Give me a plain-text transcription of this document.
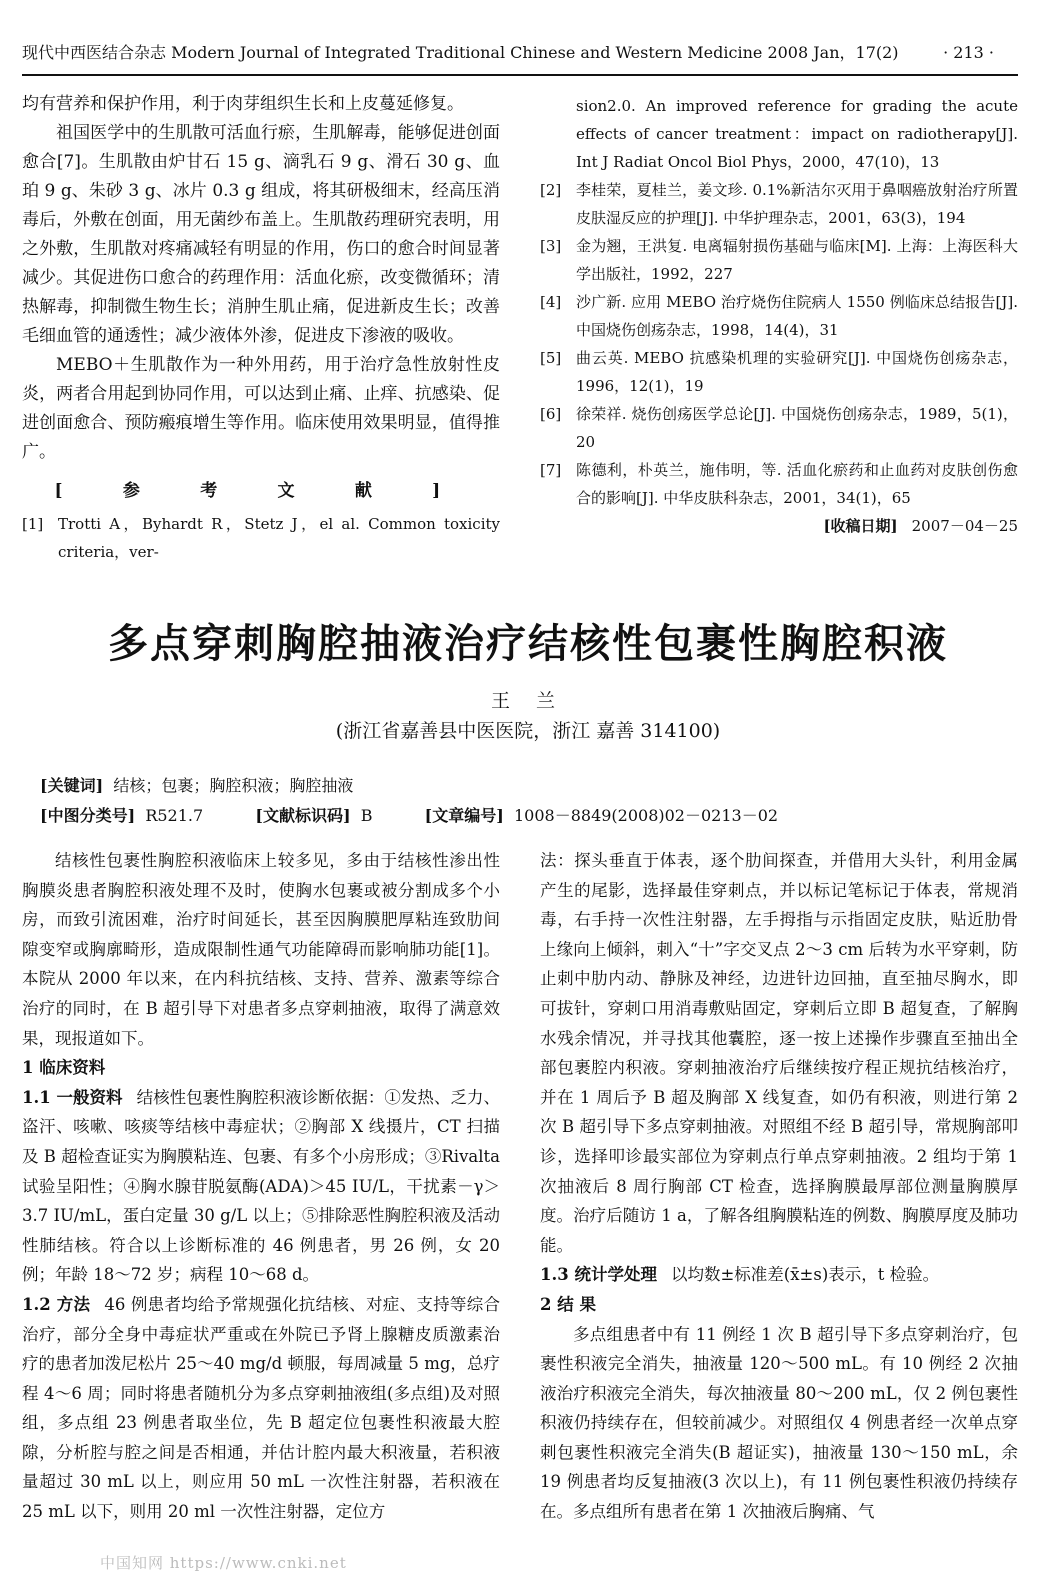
现代中西医结合杂志 Modern Journal of Integrated Traditional Chinese and Western Medicine 2008 Jan，17(2)	· 213 ·

均有营养和保护作用，利于肉芽组织生长和上皮蔓延修复。

祖国医学中的生肌散可活血行瘀，生肌解毒，能够促进创面愈合[7]。生肌散由炉甘石 15 g、滴乳石 9 g、滑石 30 g、血珀 9 g、朱砂 3 g、冰片 0.3 g 组成，将其研极细末，经高压消毒后，外敷在创面，用无菌纱布盖上。生肌散药理研究表明，用之外敷，生肌散对疼痛减轻有明显的作用，伤口的愈合时间显著减少。其促进伤口愈合的药理作用：活血化瘀，改变微循环；清热解毒，抑制微生物生长；消肿生肌止痛，促进新皮生长；改善毛细血管的通透性；减少液体外渗，促进皮下渗液的吸收。

MEBO＋生肌散作为一种外用药，用于治疗急性放射性皮炎，两者合用起到协同作用，可以达到止痛、止痒、抗感染、促进创面愈合、预防瘢痕增生等作用。临床使用效果明显，值得推广。

[ 参 考 文 献 ]
[1] Trotti A，Byhardt R，Stetz J，el al. Common toxicity criteria，ver-
sion2.0. An improved reference for grading the acute effects of cancer treatment：impact on radiotherapy[J]. Int J Radiat Oncol Biol Phys，2000，47(10)，13
[2] 李桂荣，夏桂兰，姜文珍. 0.1%新洁尔灭用于鼻咽癌放射治疗所置皮肤湿反应的护理[J]. 中华护理杂志，2001，63(3)，194
[3] 金为翘，王洪复. 电离辐射损伤基础与临床[M]. 上海：上海医科大学出版社，1992，227
[4] 沙广新. 应用 MEBO 治疗烧伤住院病人 1550 例临床总结报告[J]. 中国烧伤创疡杂志，1998，14(4)，31
[5] 曲云英. MEBO 抗感染机理的实验研究[J]. 中国烧伤创疡杂志，1996，12(1)，19
[6] 徐荣祥. 烧伤创疡医学总论[J]. 中国烧伤创疡杂志，1989，5(1)，20
[7] 陈德利，朴英兰，施伟明，等. 活血化瘀药和止血药对皮肤创伤愈合的影响[J]. 中华皮肤科杂志，2001，34(1)，65
[收稿日期] 2007－04－25
多点穿刺胸腔抽液治疗结核性包裹性胸腔积液
王 兰
(浙江省嘉善县中医医院，浙江 嘉善 314100)
[关键词] 结核；包裹；胸腔积液；胸腔抽液
[中图分类号] R521.7	[文献标识码] B	[文章编号] 1008－8849(2008)02－0213－02

结核性包裹性胸腔积液临床上较多见，多由于结核性渗出性胸膜炎患者胸腔积液处理不及时，使胸水包裹或被分割成多个小房，而致引流困难，治疗时间延长，甚至因胸膜肥厚粘连致肋间隙变窄或胸廓畸形，造成限制性通气功能障碍而影响肺功能[1]。本院从 2000 年以来，在内科抗结核、支持、营养、激素等综合治疗的同时，在 B 超引导下对患者多点穿刺抽液，取得了满意效果，现报道如下。

1 临床资料

1.1 一般资料 结核性包裹性胸腔积液诊断依据：①发热、乏力、盗汗、咳嗽、咳痰等结核中毒症状；②胸部 X 线摄片，CT 扫描及 B 超检查证实为胸膜粘连、包裹、有多个小房形成；③Rivalta 试验呈阳性；④胸水腺苷脱氨酶(ADA)＞45 IU/L，干扰素－γ＞3.7 IU/mL，蛋白定量 30 g/L 以上；⑤排除恶性胸腔积液及活动性肺结核。符合以上诊断标准的 46 例患者，男 26 例，女 20 例；年龄 18～72 岁；病程 10～68 d。

1.2 方法 46 例患者均给予常规强化抗结核、对症、支持等综合治疗，部分全身中毒症状严重或在外院已予肾上腺糖皮质激素治疗的患者加泼尼松片 25～40 mg/d 顿服，每周减量 5 mg，总疗程 4～6 周；同时将患者随机分为多点穿刺抽液组(多点组)及对照组，多点组 23 例患者取坐位，先 B 超定位包裹性积液最大腔隙，分析腔与腔之间是否相通，并估计腔内最大积液量，若积液量超过 30 mL 以上，则应用 50 mL 一次性注射器，若积液在 25 mL 以下，则用 20 ml 一次性注射器，定位方

法：探头垂直于体表，逐个肋间探查，并借用大头针，利用金属产生的尾影，选择最佳穿刺点，并以标记笔标记于体表，常规消毒，右手持一次性注射器，左手拇指与示指固定皮肤，贴近肋骨上缘向上倾斜，刺入“十”字交叉点 2～3 cm 后转为水平穿刺，防止刺中肋内动、静脉及神经，边进针边回抽，直至抽尽胸水，即可拔针，穿刺口用消毒敷贴固定，穿刺后立即 B 超复查，了解胸水残余情况，并寻找其他囊腔，逐一按上述操作步骤直至抽出全部包裹腔内积液。穿刺抽液治疗后继续按疗程正规抗结核治疗，并在 1 周后予 B 超及胸部 X 线复查，如仍有积液，则进行第 2 次 B 超引导下多点穿刺抽液。对照组不经 B 超引导，常规胸部叩诊，选择叩诊最实部位为穿刺点行单点穿刺抽液。2 组均于第 1 次抽液后 8 周行胸部 CT 检查，选择胸膜最厚部位测量胸膜厚度。治疗后随访 1 a，了解各组胸膜粘连的例数、胸膜厚度及肺功能。

1.3 统计学处理 以均数±标准差(x̄±s)表示，t 检验。

2 结 果

多点组患者中有 11 例经 1 次 B 超引导下多点穿刺治疗，包裹性积液完全消失，抽液量 120～500 mL。有 10 例经 2 次抽液治疗积液完全消失，每次抽液量 80～200 mL，仅 2 例包裹性积液仍持续存在，但较前减少。对照组仅 4 例患者经一次单点穿刺包裹性积液完全消失(B 超证实)，抽液量 130～150 mL，余 19 例患者均反复抽液(3 次以上)，有 11 例包裹性积液仍持续存在。多点组所有患者在第 1 次抽液后胸痛、气

中国知网 https://www.cnki.net
